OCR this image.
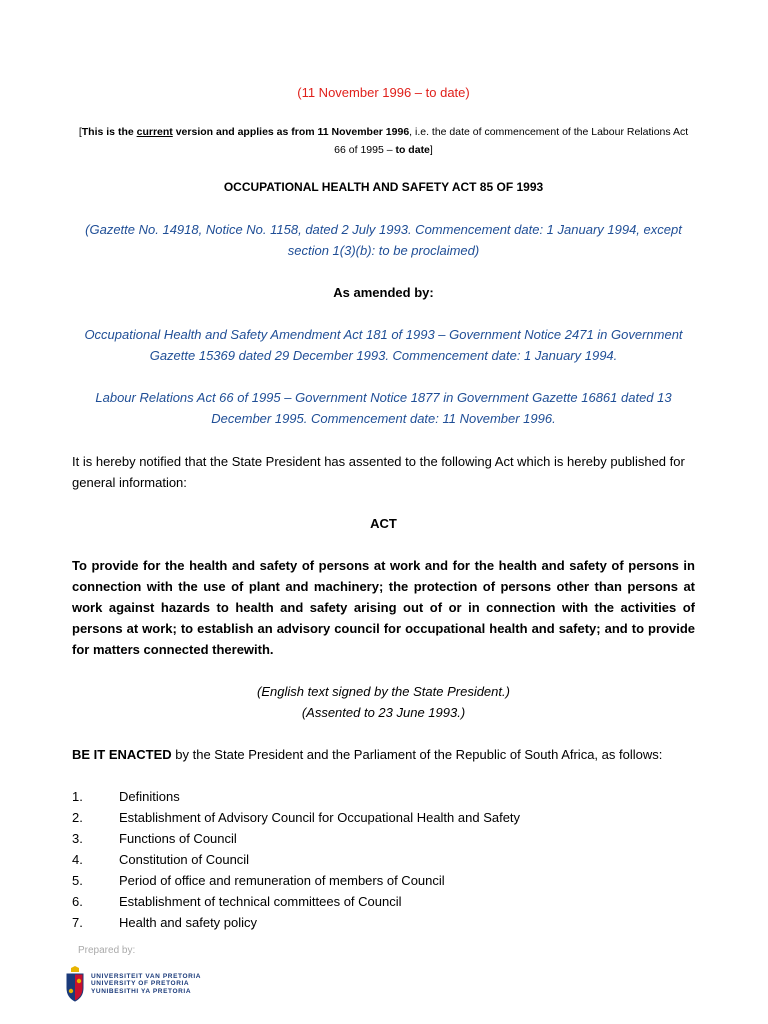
(11 November 1996 – to date)
[This is the current version and applies as from 11 November 1996, i.e. the date of commencement of the Labour Relations Act 66 of 1995 – to date]
OCCUPATIONAL HEALTH AND SAFETY ACT 85 OF 1993
(Gazette No. 14918, Notice No. 1158, dated 2 July 1993. Commencement date: 1 January 1994, except section 1(3)(b): to be proclaimed)
As amended by:
Occupational Health and Safety Amendment Act 181 of 1993 – Government Notice 2471 in Government Gazette 15369 dated 29 December 1993. Commencement date: 1 January 1994.
Labour Relations Act 66 of 1995 – Government Notice 1877 in Government Gazette 16861 dated 13 December 1995. Commencement date: 11 November 1996.
It is hereby notified that the State President has assented to the following Act which is hereby published for general information:
ACT
To provide for the health and safety of persons at work and for the health and safety of persons in connection with the use of plant and machinery; the protection of persons other than persons at work against hazards to health and safety arising out of or in connection with the activities of persons at work; to establish an advisory council for occupational health and safety; and to provide for matters connected therewith.
(English text signed by the State President.)
(Assented to 23 June 1993.)
BE IT ENACTED by the State President and the Parliament of the Republic of South Africa, as follows:
1.	Definitions
2.	Establishment of Advisory Council for Occupational Health and Safety
3.	Functions of Council
4.	Constitution of Council
5.	Period of office and remuneration of members of Council
6.	Establishment of technical committees of Council
7.	Health and safety policy
Prepared by:
UNIVERSITEIT VAN PRETORIA
UNIVERSITY OF PRETORIA
YUNIBESITHI YA PRETORIA
